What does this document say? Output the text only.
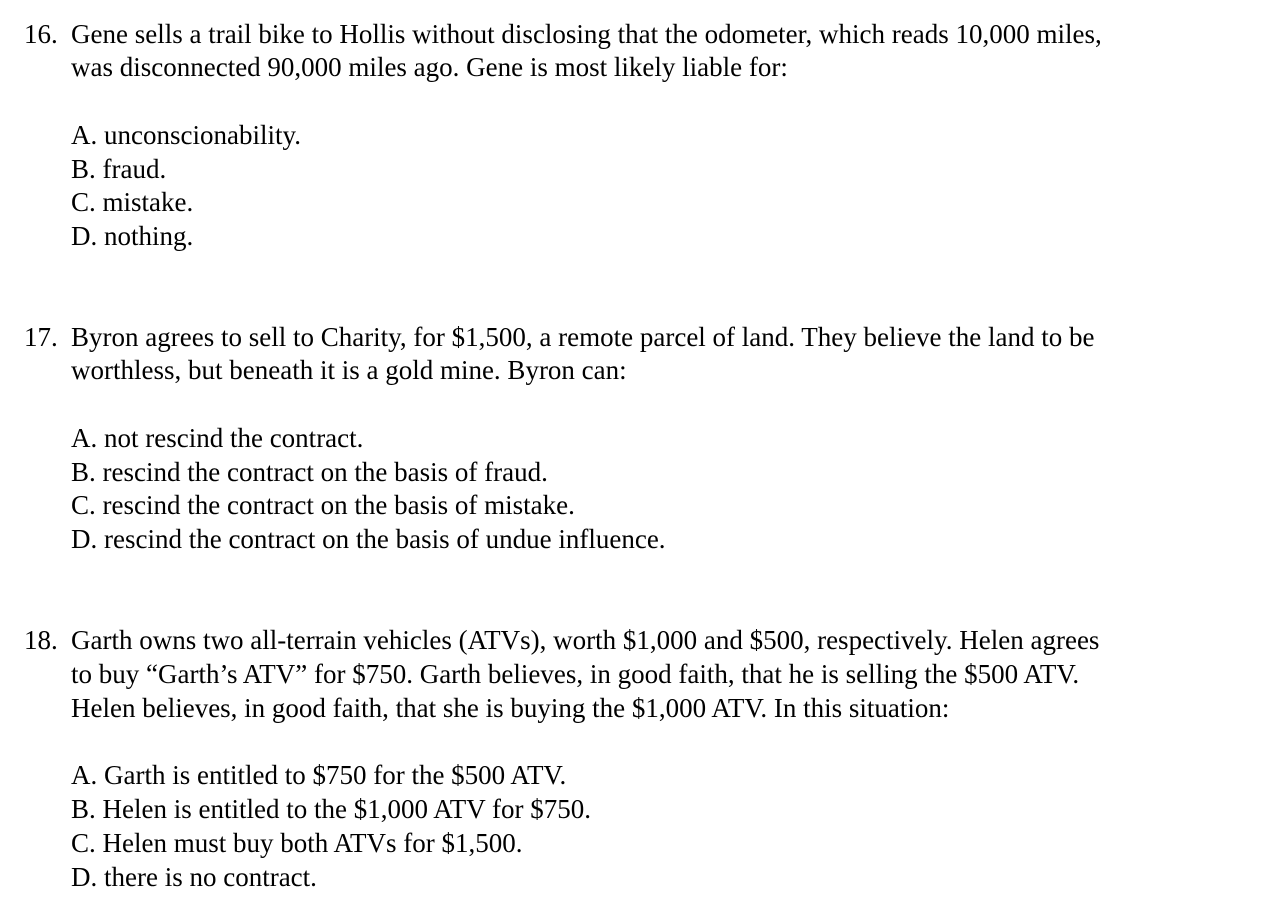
16. Gene sells a trail bike to Hollis without disclosing that the odometer, which reads 10,000 miles,
was disconnected 90,000 miles ago. Gene is most likely liable for:
A. unconscionability.
B. fraud.
C. mistake.
D. nothing.
17. Byron agrees to sell to Charity, for $1,500, a remote parcel of land. They believe the land to be
worthless, but beneath it is a gold mine. Byron can:
A. not rescind the contract.
B. rescind the contract on the basis of fraud.
C. rescind the contract on the basis of mistake.
D. rescind the contract on the basis of undue influence.
18. Garth owns two all-terrain vehicles (ATVs), worth $1,000 and $500, respectively. Helen agrees
to buy “Garth’s ATV” for $750. Garth believes, in good faith, that he is selling the $500 ATV.
Helen believes, in good faith, that she is buying the $1,000 ATV. In this situation:
A. Garth is entitled to $750 for the $500 ATV.
B. Helen is entitled to the $1,000 ATV for $750.
C. Helen must buy both ATVs for $1,500.
D. there is no contract.
